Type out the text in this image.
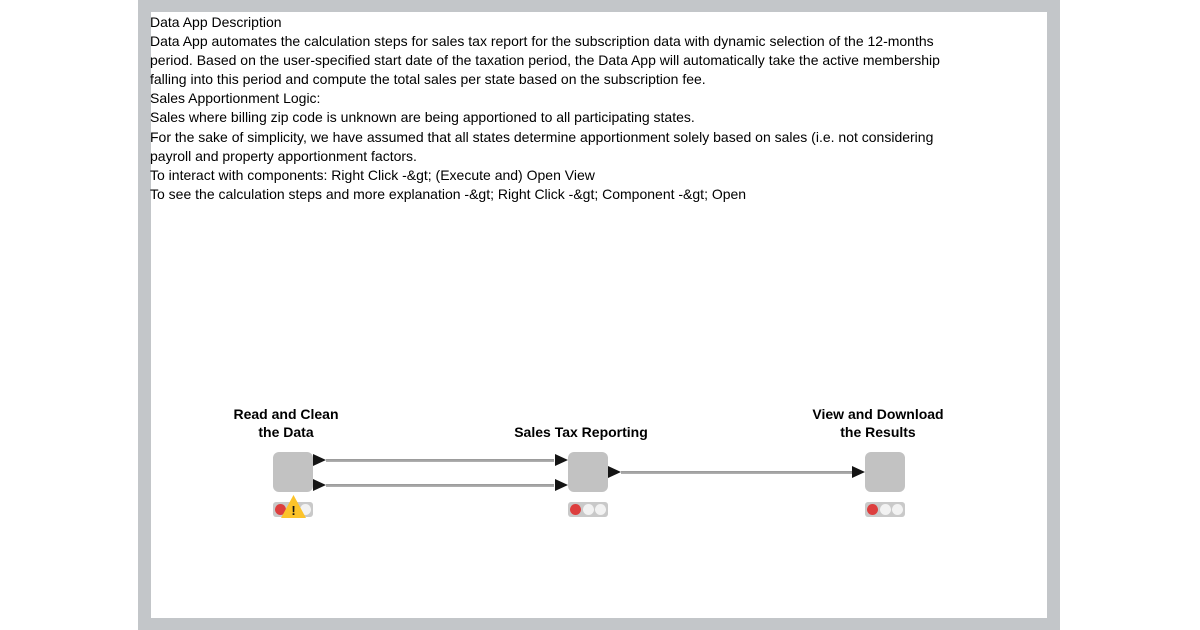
Data App Description
Data App automates the calculation steps for sales tax report for the subscription data with dynamic selection of the 12-months
period. Based on the user-specified start date of the taxation period, the Data App will automatically take the active membership
falling into this period and compute the total sales per state based on the subscription fee.
Sales Apportionment Logic:
Sales where billing zip code is unknown are being apportioned to all participating states.
For the sake of simplicity, we have assumed that all states determine apportionment solely based on sales (i.e. not considering
payroll and property apportionment factors.
To interact with components: Right Click -&gt; (Execute and) Open View
To see the calculation steps and more explanation -&gt; Right Click -&gt; Component -&gt; Open
Read and Clean
the Data
!
Sales Tax Reporting
View and Download
the Results
